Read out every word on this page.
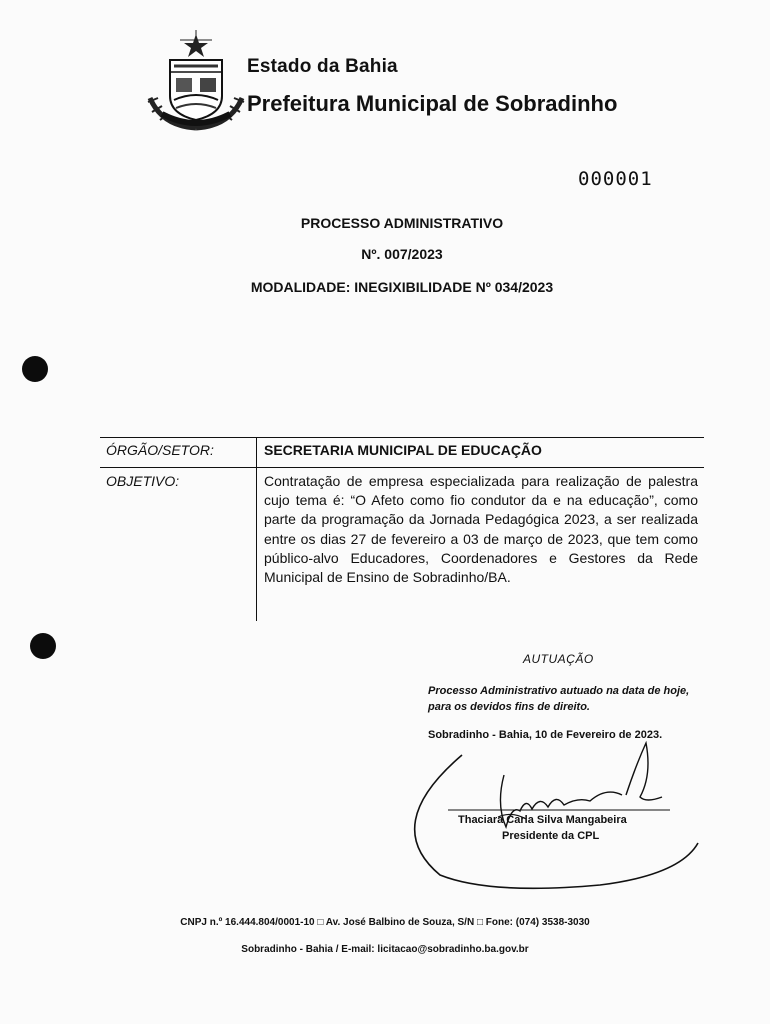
Estado da Bahia
Prefeitura Municipal de Sobradinho
000001
PROCESSO ADMINISTRATIVO
Nº. 007/2023
MODALIDADE: INEGIXIBILIDADE Nº 034/2023
ÓRGÃO/SETOR:	SECRETARIA MUNICIPAL DE EDUCAÇÃO
OBJETIVO:	Contratação de empresa especializada para realização de palestra cujo tema é: “O Afeto como fio condutor da e na educação”, como parte da programação da Jornada Pedagógica 2023, a ser realizada entre os dias 27 de fevereiro a 03 de março de 2023, que tem como público-alvo Educadores, Coordenadores e Gestores da Rede Municipal de Ensino de Sobradinho/BA.
AUTUAÇÃO
Processo Administrativo autuado na data de hoje, para os devidos fins de direito.
Sobradinho - Bahia, 10 de Fevereiro de 2023.
Thaciara Carla Silva Mangabeira
Presidente da CPL
CNPJ n.º 16.444.804/0001-10 □ Av. José Balbino de Souza, S/N □ Fone: (074) 3538-3030
Sobradinho - Bahia / E-mail: licitacao@sobradinho.ba.gov.br
